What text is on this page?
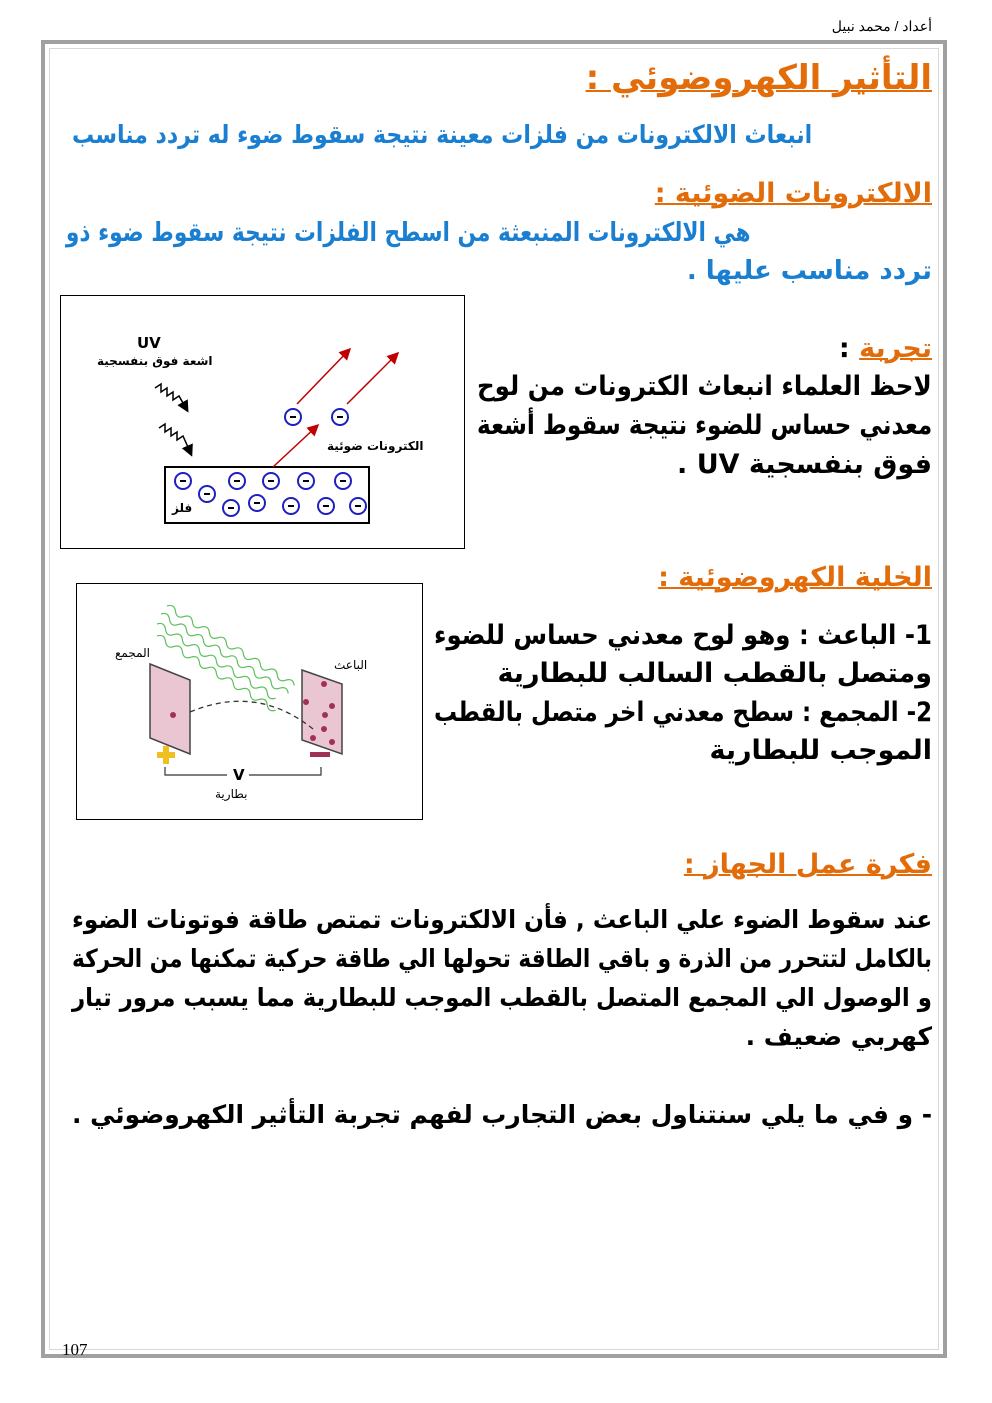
أعداد / محمد نبيل
التأثير الكهروضوئي :
انبعاث الالكترونات من فلزات معينة نتيجة سقوط ضوء له تردد مناسب
الالكترونات الضوئية :
هي الالكترونات المنبعثة من اسطح الفلزات نتيجة سقوط ضوء ذو
تردد مناسب عليها .
تجربة :
لاحظ العلماء انبعاث الكترونات من لوح
معدني حساس للضوء نتيجة سقوط أشعة
فوق بنفسجية UV .
UV
اشعة فوق بنفسجية
الكترونات ضوئية
فلز
الخلية الكهروضوئية :
1- الباعث : وهو لوح معدني حساس للضوء
ومتصل بالقطب السالب للبطارية
2- المجمع : سطح معدني اخر متصل بالقطب
الموجب للبطارية
المجمع
الباعث
V
بطارية
فكرة عمل الجهاز :
عند سقوط الضوء علي الباعث , فأن الالكترونات تمتص طاقة فوتونات الضوء
بالكامل لتتحرر من الذرة و باقي الطاقة تحولها الي طاقة حركية تمكنها من الحركة
و الوصول الي المجمع المتصل بالقطب الموجب للبطارية مما يسبب مرور تيار
كهربي ضعيف .
- و في ما يلي سنتناول بعض التجارب لفهم تجربة التأثير الكهروضوئي .
107
